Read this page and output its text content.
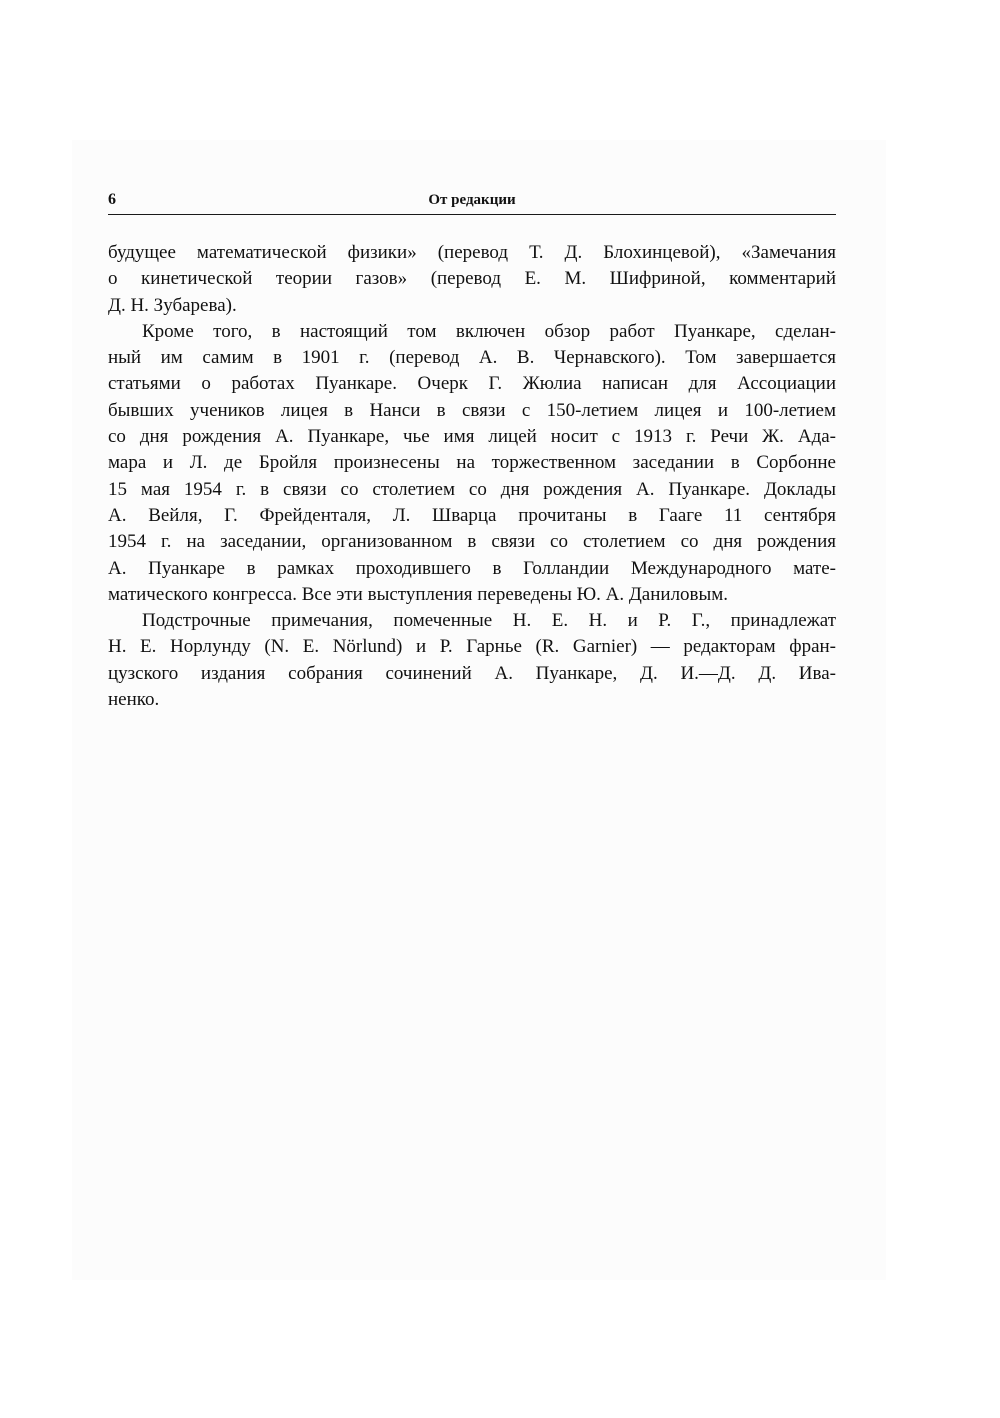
6	От редакции
будущее математической физики» (перевод Т. Д. Блохинцевой), «Замечания
о кинетической теории газов» (перевод Е. М. Шифриной, комментарий
Д. Н. Зубарева).
Кроме того, в настоящий том включен обзор работ Пуанкаре, сделан-
ный им самим в 1901 г. (перевод А. В. Чернавского). Том завершается
статьями о работах Пуанкаре. Очерк Г. Жюлиа написан для Ассоциации
бывших учеников лицея в Нанси в связи с 150-летием лицея и 100-летием
со дня рождения А. Пуанкаре, чье имя лицей носит с 1913 г. Речи Ж. Ада-
мара и Л. де Бройля произнесены на торжественном заседании в Сорбонне
15 мая 1954 г. в связи со столетием со дня рождения А. Пуанкаре. Доклады
А. Вейля, Г. Фрейденталя, Л. Шварца прочитаны в Гааге 11 сентября
1954 г. на заседании, организованном в связи со столетием со дня рождения
А. Пуанкаре в рамках проходившего в Голландии Международного мате-
матического конгресса. Все эти выступления переведены Ю. А. Даниловым.
Подстрочные примечания, помеченные Н. Е. Н. и Р. Г., принадлежат
Н. Е. Норлунду (N. E. Nörlund) и Р. Гарнье (R. Garnier) — редакторам фран-
цузского издания собрания сочинений А. Пуанкаре, Д. И.—Д. Д. Ива-
ненко.
